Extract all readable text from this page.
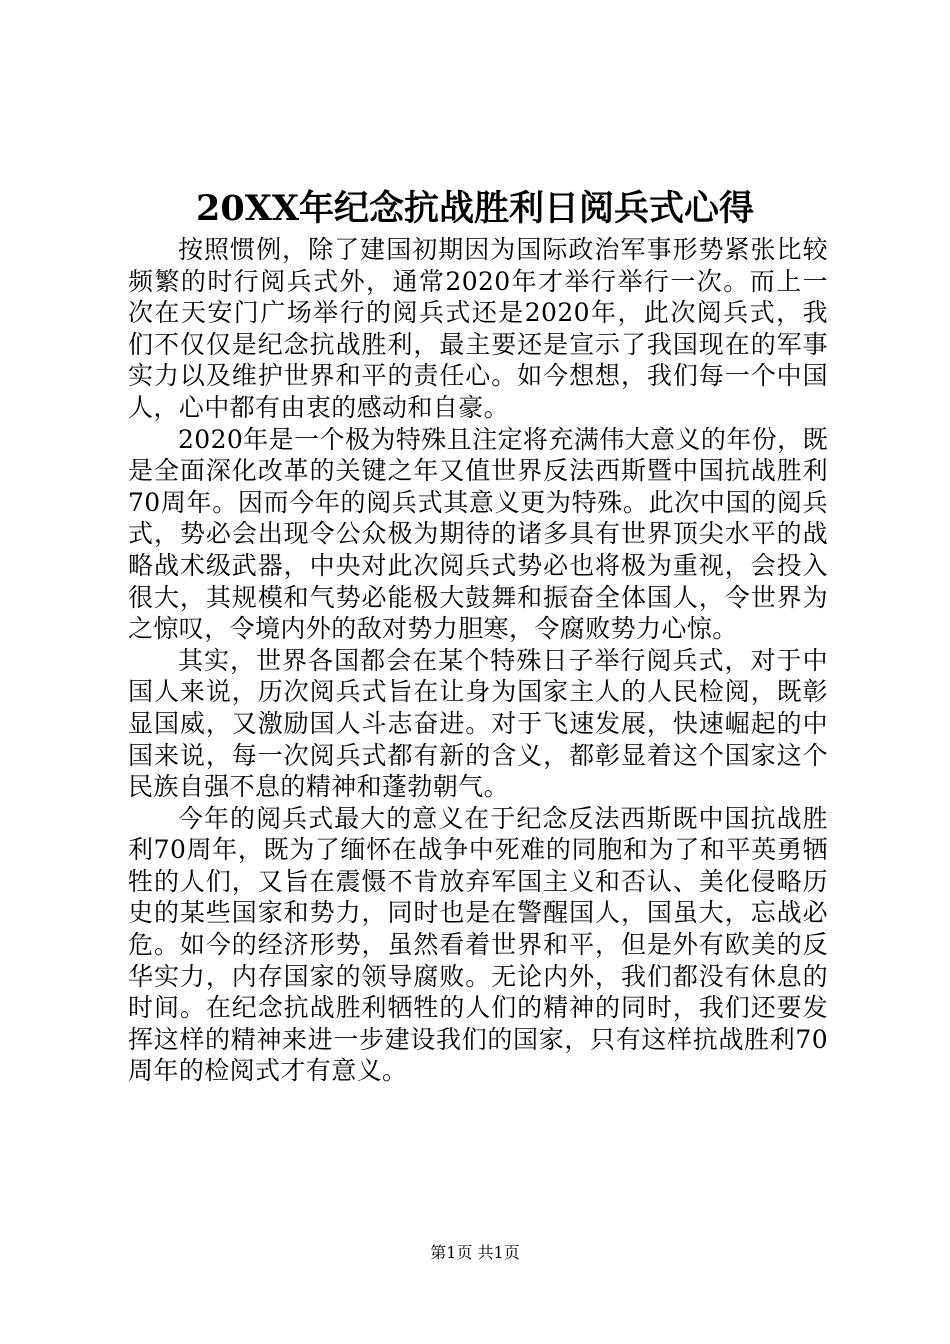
20XX年纪念抗战胜利日阅兵式心得

按照惯例，除了建国初期因为国际政治军事形势紧张比较频繁的时行阅兵式外，通常2020年才举行举行一次。而上一次在天安门广场举行的阅兵式还是2020年，此次阅兵式，我们不仅仅是纪念抗战胜利，最主要还是宣示了我国现在的军事实力以及维护世界和平的责任心。如今想想，我们每一个中国人，心中都有由衷的感动和自豪。

2020年是一个极为特殊且注定将充满伟大意义的年份，既是全面深化改革的关键之年又值世界反法西斯暨中国抗战胜利70周年。因而今年的阅兵式其意义更为特殊。此次中国的阅兵式，势必会出现令公众极为期待的诸多具有世界顶尖水平的战略战术级武器，中央对此次阅兵式势必也将极为重视，会投入很大，其规模和气势必能极大鼓舞和振奋全体国人，令世界为之惊叹，令境内外的敌对势力胆寒，令腐败势力心惊。

其实，世界各国都会在某个特殊日子举行阅兵式，对于中国人来说，历次阅兵式旨在让身为国家主人的人民检阅，既彰显国威，又激励国人斗志奋进。对于飞速发展，快速崛起的中国来说，每一次阅兵式都有新的含义，都彰显着这个国家这个民族自强不息的精神和蓬勃朝气。

今年的阅兵式最大的意义在于纪念反法西斯既中国抗战胜利70周年，既为了缅怀在战争中死难的同胞和为了和平英勇牺牲的人们，又旨在震慑不肯放弃军国主义和否认、美化侵略历史的某些国家和势力，同时也是在警醒国人，国虽大，忘战必危。如今的经济形势，虽然看着世界和平，但是外有欧美的反华实力，内存国家的领导腐败。无论内外，我们都没有休息的时间。在纪念抗战胜利牺牲的人们的精神的同时，我们还要发挥这样的精神来进一步建设我们的国家，只有这样抗战胜利70周年的检阅式才有意义。

第1页 共1页
